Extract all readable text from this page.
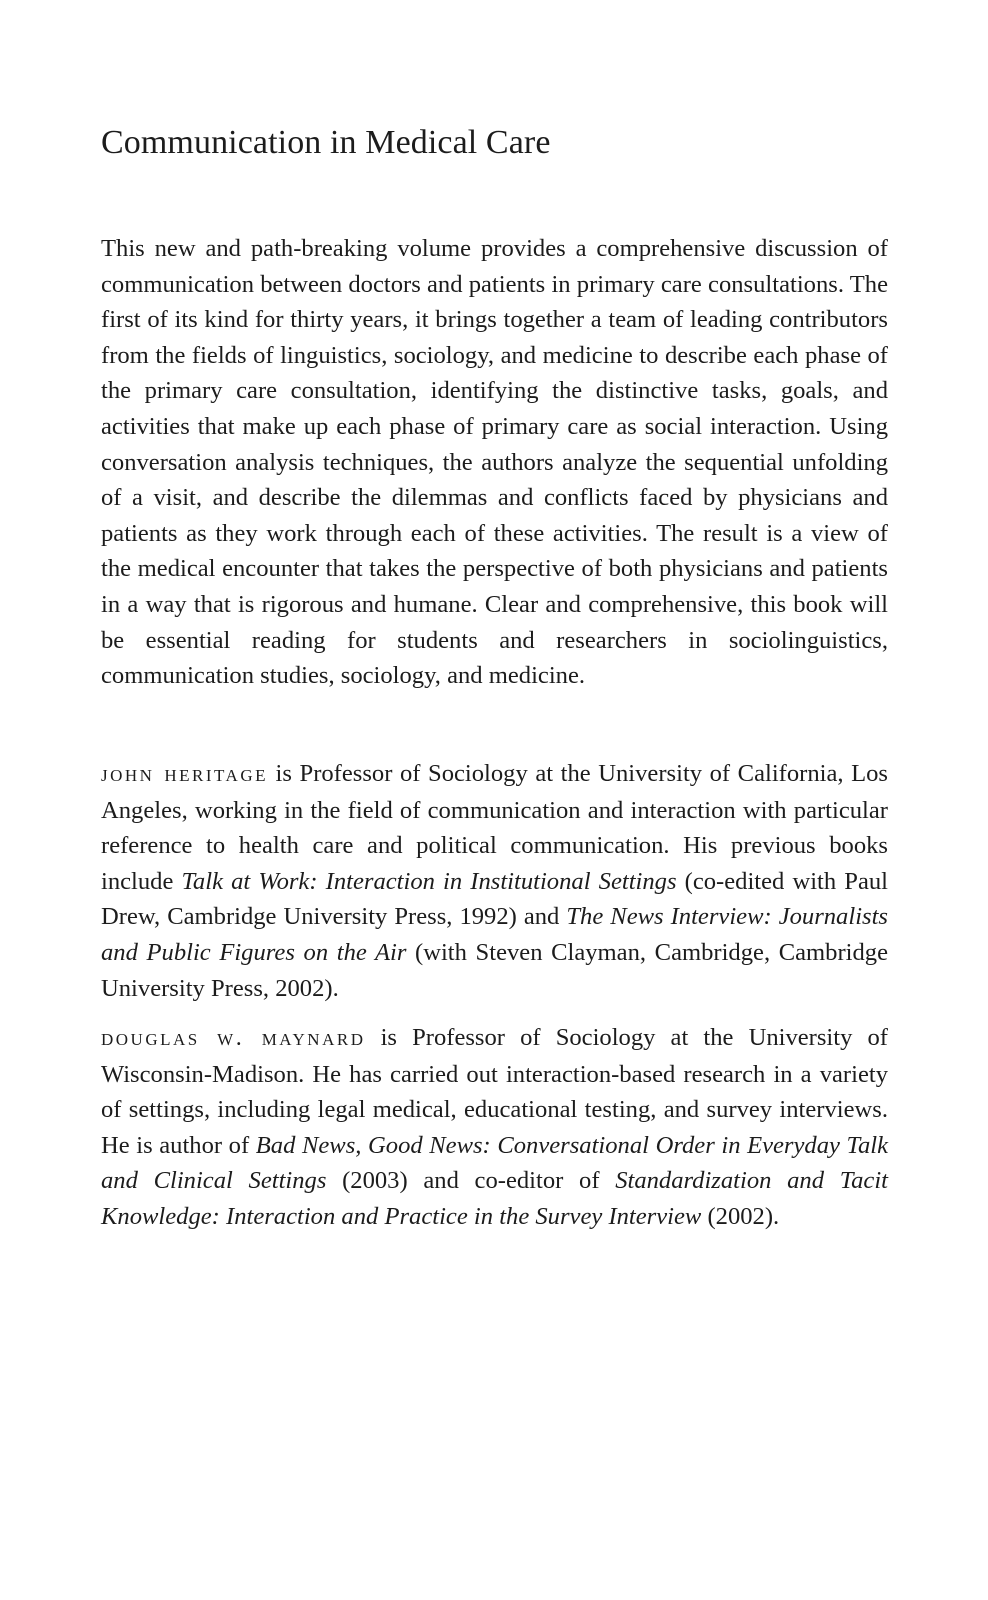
Communication in Medical Care

This new and path-breaking volume provides a comprehensive discussion of communication between doctors and patients in primary care consultations. The first of its kind for thirty years, it brings together a team of leading contributors from the fields of linguistics, sociology, and medicine to describe each phase of the primary care consultation, identifying the distinctive tasks, goals, and activities that make up each phase of primary care as social interaction. Using conversation analysis techniques, the authors analyze the sequential unfolding of a visit, and describe the dilemmas and conflicts faced by physicians and patients as they work through each of these activities. The result is a view of the medical encounter that takes the perspective of both physicians and patients in a way that is rigorous and humane. Clear and comprehensive, this book will be essential reading for students and researchers in sociolinguistics, communication studies, sociology, and medicine.

john heritage is Professor of Sociology at the University of California, Los Angeles, working in the field of communication and interaction with particular reference to health care and political communication. His previous books include Talk at Work: Interaction in Institutional Settings (co-edited with Paul Drew, Cambridge University Press, 1992) and The News Interview: Journalists and Public Figures on the Air (with Steven Clayman, Cambridge, Cambridge University Press, 2002).

douglas w. maynard is Professor of Sociology at the University of Wisconsin-Madison. He has carried out interaction-based research in a variety of settings, including legal medical, educational testing, and survey interviews. He is author of Bad News, Good News: Conversational Order in Everyday Talk and Clinical Settings (2003) and co-editor of Standardization and Tacit Knowledge: Interaction and Practice in the Survey Interview (2002).
